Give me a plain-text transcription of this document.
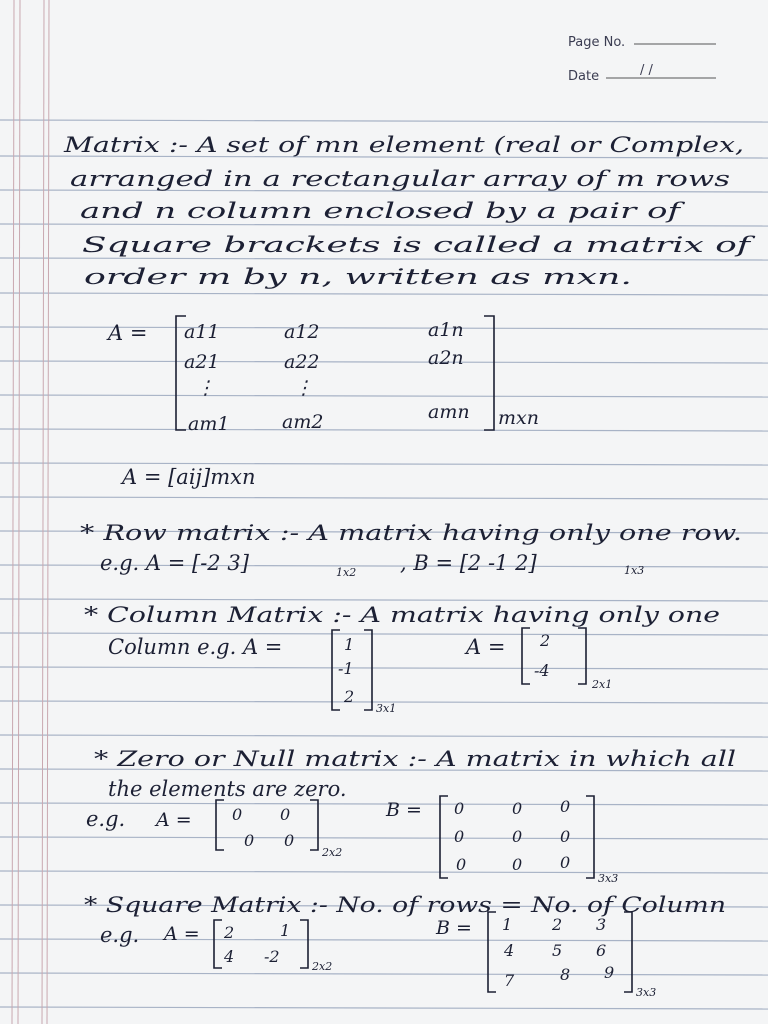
Page No.
Date	/ /
Matrix :- A set of mn element (real or Complex,
arranged in a rectangular array of m rows
and n column enclosed by a pair of
Square brackets is called a matrix of
order m by n, written as mxn.
A = a11	a12	a1n
a21	a22	a2n
⋮	⋮
am1	am2	amn mxn
A = [aij]mxn
* Row matrix :- A matrix having only one row.
e.g. A = [-2 3]	1x2 , B = [2 -1 2]	1x3
* Column Matrix :- A matrix having only one
Column e.g. A =	1
-1
2
3x1
A = 2
-4
2x1
* Zero or Null matrix :- A matrix in which all
the elements are zero.
e.g. A =	0 0
0 0
2x2
B = 0	0 0
0	0 0
0	0 0
3x3
* Square Matrix :- No. of rows = No. of Column
e.g. A = 2	1
4 -2
2x2
B = 1 2 3
4 5 6
7	8 9
3x3
